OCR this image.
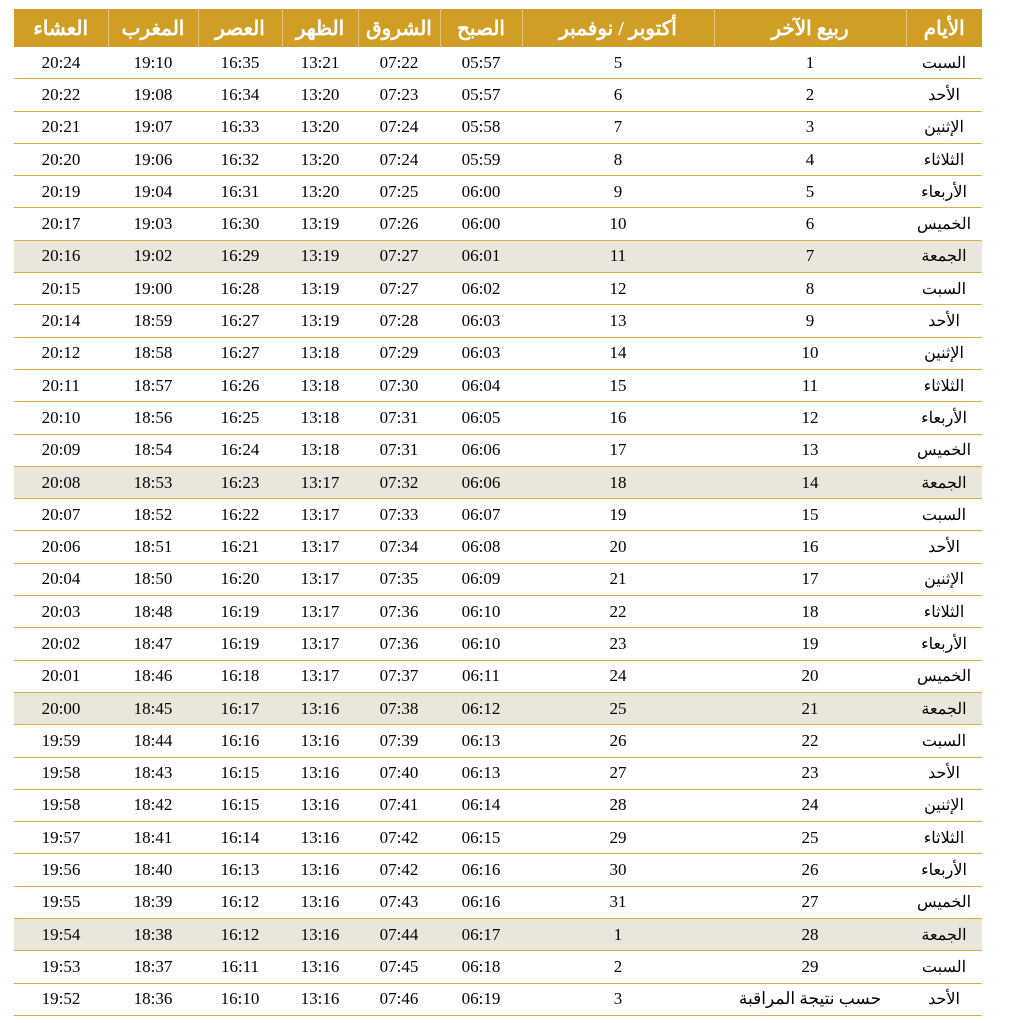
الأيام	ربيع الآخر	أكتوبر / نوفمبر	الصبح	الشروق	الظهر	العصر	المغرب	العشاء
السبت	1	5	05:57	07:22	13:21	16:35	19:10	20:24
الأحد	2	6	05:57	07:23	13:20	16:34	19:08	20:22
الإثنين	3	7	05:58	07:24	13:20	16:33	19:07	20:21
الثلاثاء	4	8	05:59	07:24	13:20	16:32	19:06	20:20
الأربعاء	5	9	06:00	07:25	13:20	16:31	19:04	20:19
الخميس	6	10	06:00	07:26	13:19	16:30	19:03	20:17
الجمعة	7	11	06:01	07:27	13:19	16:29	19:02	20:16
السبت	8	12	06:02	07:27	13:19	16:28	19:00	20:15
الأحد	9	13	06:03	07:28	13:19	16:27	18:59	20:14
الإثنين	10	14	06:03	07:29	13:18	16:27	18:58	20:12
الثلاثاء	11	15	06:04	07:30	13:18	16:26	18:57	20:11
الأربعاء	12	16	06:05	07:31	13:18	16:25	18:56	20:10
الخميس	13	17	06:06	07:31	13:18	16:24	18:54	20:09
الجمعة	14	18	06:06	07:32	13:17	16:23	18:53	20:08
السبت	15	19	06:07	07:33	13:17	16:22	18:52	20:07
الأحد	16	20	06:08	07:34	13:17	16:21	18:51	20:06
الإثنين	17	21	06:09	07:35	13:17	16:20	18:50	20:04
الثلاثاء	18	22	06:10	07:36	13:17	16:19	18:48	20:03
الأربعاء	19	23	06:10	07:36	13:17	16:19	18:47	20:02
الخميس	20	24	06:11	07:37	13:17	16:18	18:46	20:01
الجمعة	21	25	06:12	07:38	13:16	16:17	18:45	20:00
السبت	22	26	06:13	07:39	13:16	16:16	18:44	19:59
الأحد	23	27	06:13	07:40	13:16	16:15	18:43	19:58
الإثنين	24	28	06:14	07:41	13:16	16:15	18:42	19:58
الثلاثاء	25	29	06:15	07:42	13:16	16:14	18:41	19:57
الأربعاء	26	30	06:16	07:42	13:16	16:13	18:40	19:56
الخميس	27	31	06:16	07:43	13:16	16:12	18:39	19:55
الجمعة	28	1	06:17	07:44	13:16	16:12	18:38	19:54
السبت	29	2	06:18	07:45	13:16	16:11	18:37	19:53
الأحد	حسب نتيجة المراقبة	3	06:19	07:46	13:16	16:10	18:36	19:52
